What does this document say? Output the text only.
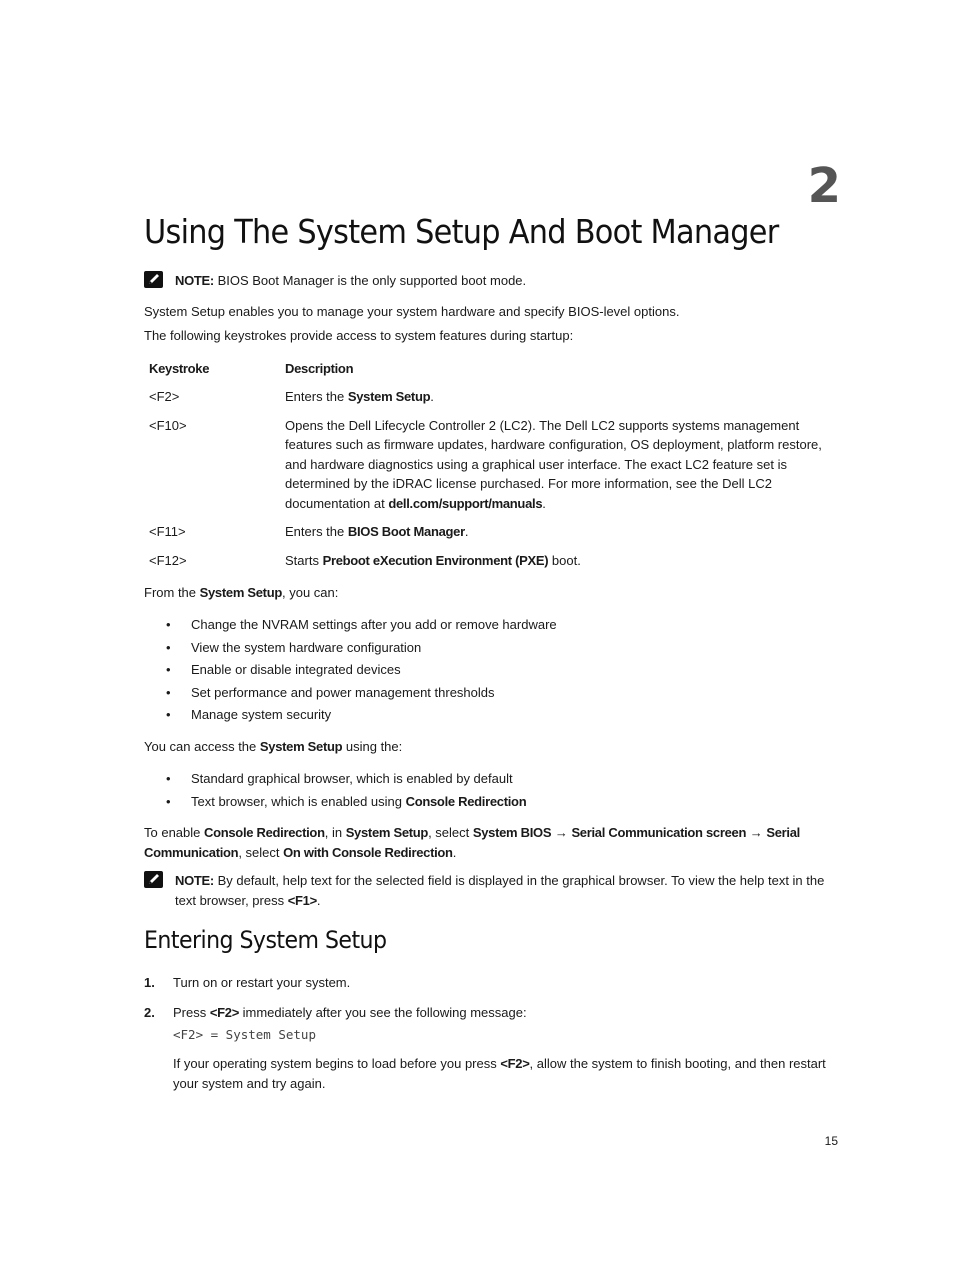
2
Using The System Setup And Boot Manager
NOTE: BIOS Boot Manager is the only supported boot mode.

System Setup enables you to manage your system hardware and specify BIOS-level options.

The following keystrokes provide access to system features during startup:

Keystroke	Description
<F2>	Enters the System Setup.
<F10>	Opens the Dell Lifecycle Controller 2 (LC2). The Dell LC2 supports systems management features such as firmware updates, hardware configuration, OS deployment, platform restore, and hardware diagnostics using a graphical user interface. The exact LC2 feature set is determined by the iDRAC license purchased. For more information, see the Dell LC2 documentation at dell.com/support/manuals.
<F11>	Enters the BIOS Boot Manager.
<F12>	Starts Preboot eXecution Environment (PXE) boot.

From the System Setup, you can:

• Change the NVRAM settings after you add or remove hardware
• View the system hardware configuration
• Enable or disable integrated devices
• Set performance and power management thresholds
• Manage system security

You can access the System Setup using the:

• Standard graphical browser, which is enabled by default
• Text browser, which is enabled using Console Redirection

To enable Console Redirection, in System Setup, select System BIOS → Serial Communication screen → Serial Communication, select On with Console Redirection.

NOTE: By default, help text for the selected field is displayed in the graphical browser. To view the help text in the text browser, press <F1>.
Entering System Setup
1. Turn on or restart your system.
2. Press <F2> immediately after you see the following message:
<F2> = System Setup
If your operating system begins to load before you press <F2>, allow the system to finish booting, and then restart your system and try again.
15
